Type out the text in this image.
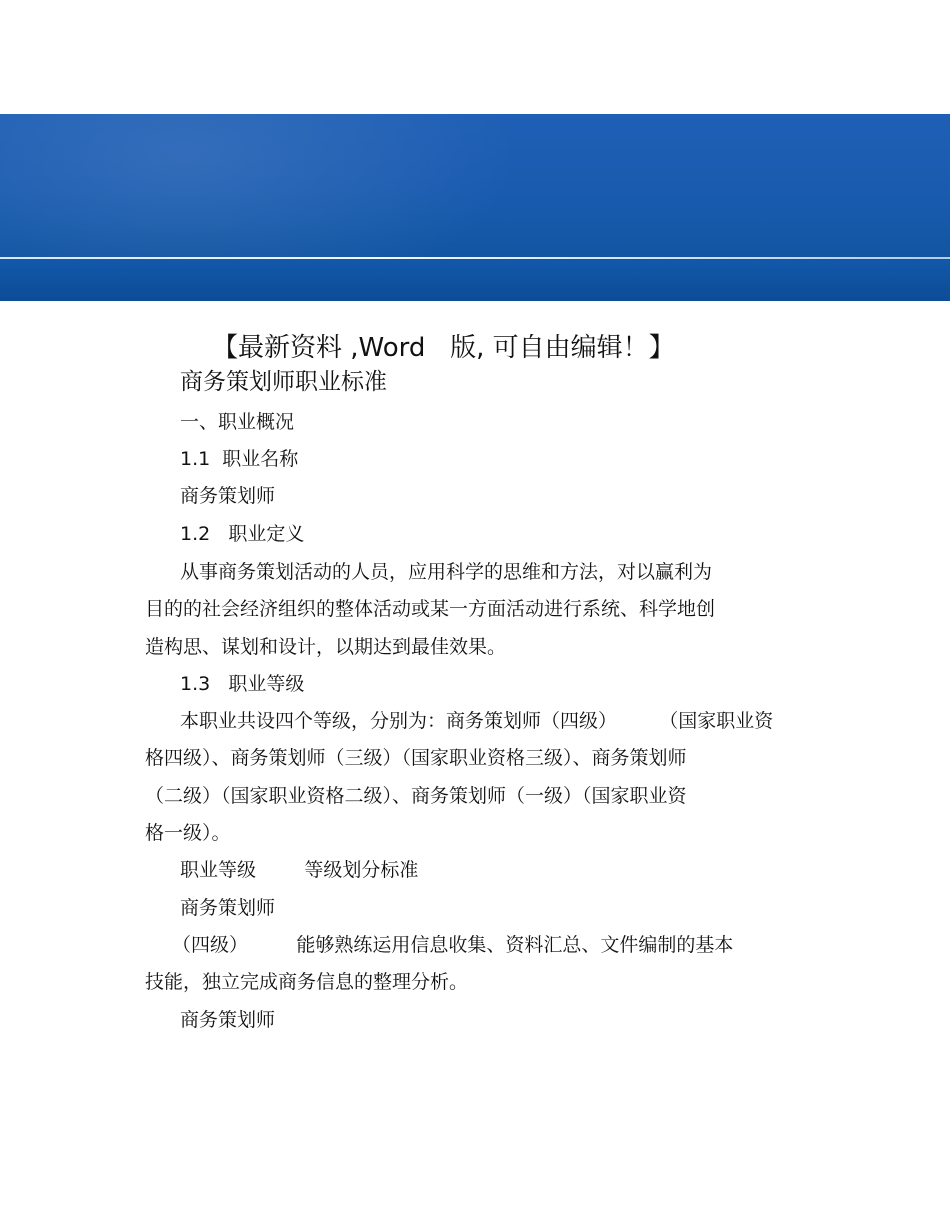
【最新资料 ,Word   版, 可自由编辑！】
商务策划师职业标准
一、职业概况
1.1  职业名称
商务策划师
1.2   职业定义
从事商务策划活动的人员，应用科学的思维和方法，对以赢利为
目的的社会经济组织的整体活动或某一方面活动进行系统、科学地创
造构思、谋划和设计，以期达到最佳效果。
1.3   职业等级
本职业共设四个等级，分别为：商务策划师（四级）       （国家职业资
格四级）、商务策划师（三级）（国家职业资格三级）、商务策划师
（二级）（国家职业资格二级）、商务策划师（一级）（国家职业资
格一级）。
职业等级        等级划分标准
商务策划师
（四级）        能够熟练运用信息收集、资料汇总、文件编制的基本
技能，独立完成商务信息的整理分析。
商务策划师
